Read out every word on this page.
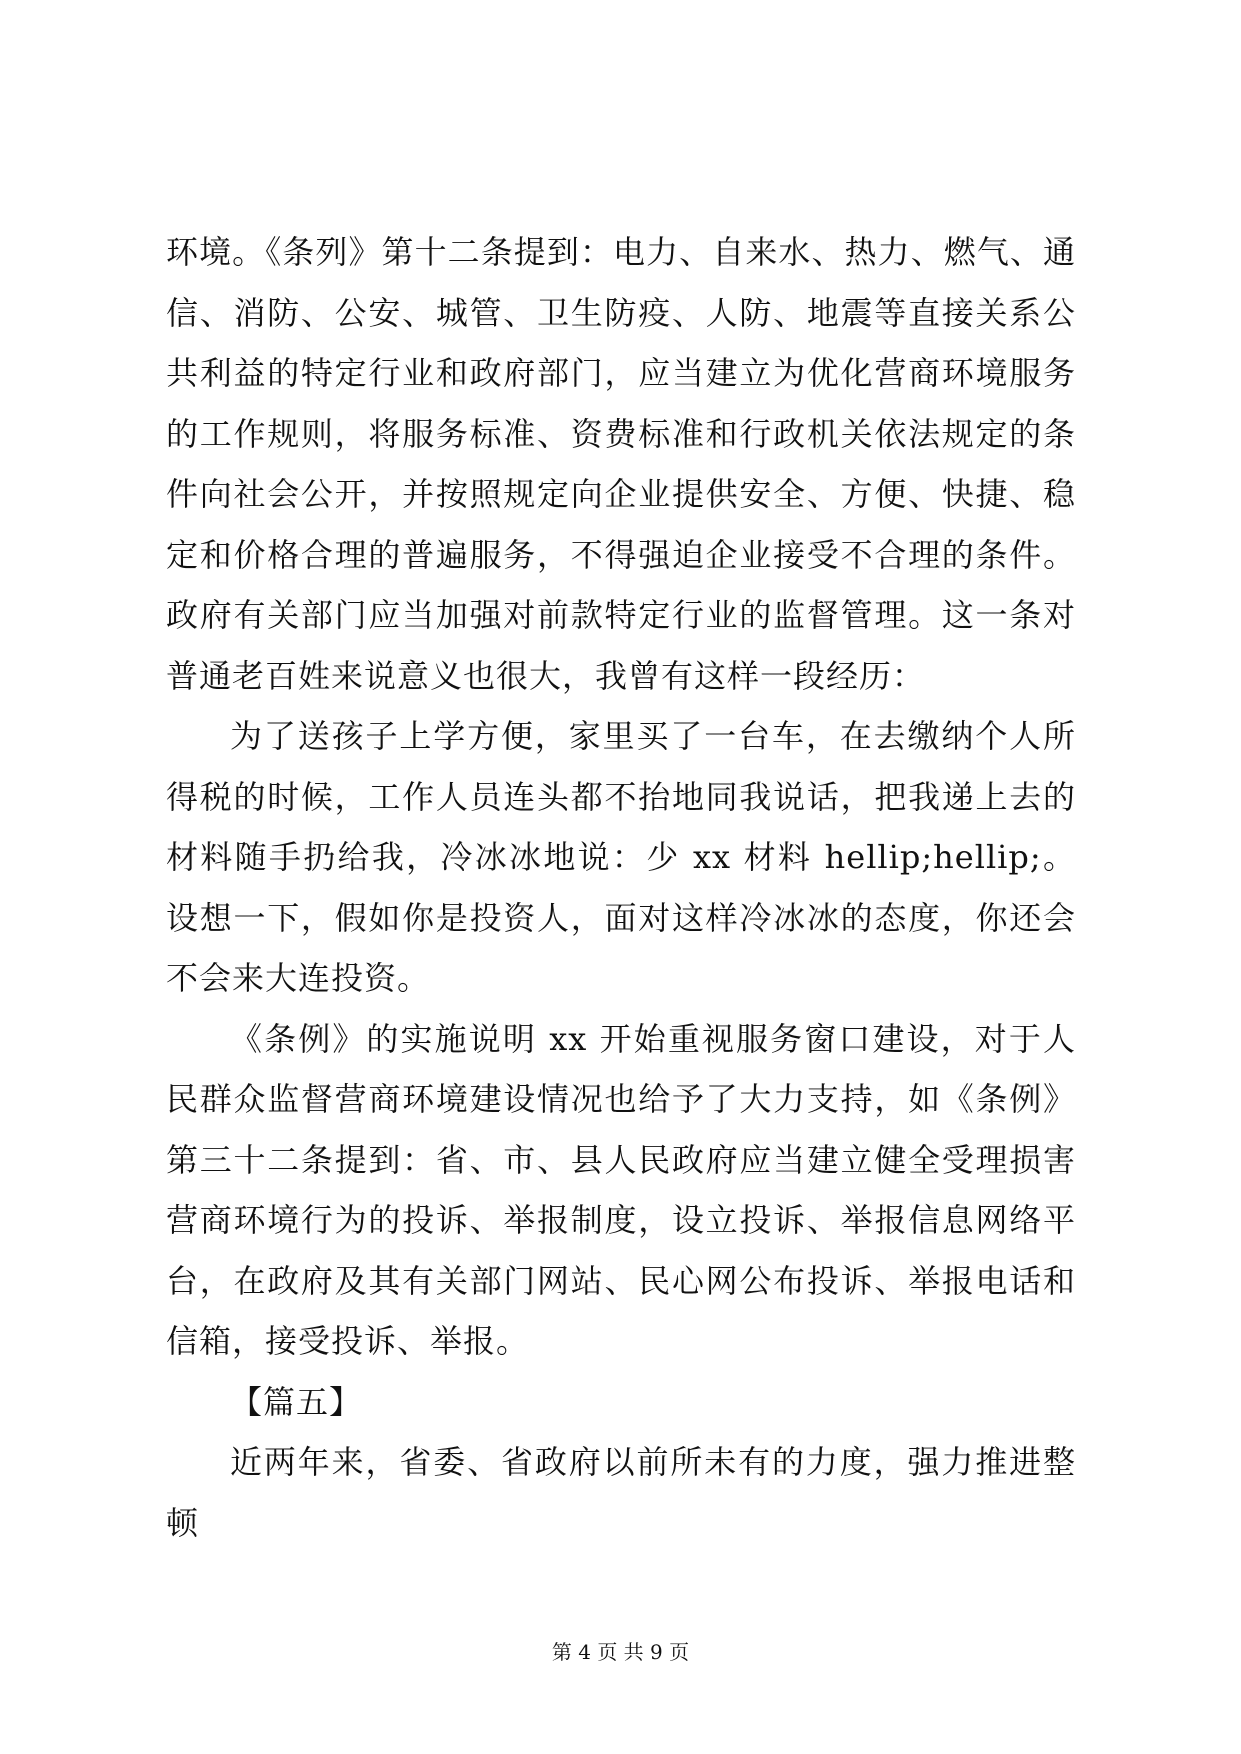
环境。《条列》第十二条提到：电力、自来水、热力、燃气、通信、消防、公安、城管、卫生防疫、人防、地震等直接关系公共利益的特定行业和政府部门，应当建立为优化营商环境服务的工作规则，将服务标准、资费标准和行政机关依法规定的条件向社会公开，并按照规定向企业提供安全、方便、快捷、稳定和价格合理的普遍服务，不得强迫企业接受不合理的条件。政府有关部门应当加强对前款特定行业的监督管理。这一条对普通老百姓来说意义也很大，我曾有这样一段经历：

为了送孩子上学方便，家里买了一台车，在去缴纳个人所得税的时候，工作人员连头都不抬地同我说话，把我递上去的材料随手扔给我，冷冰冰地说：少 xx 材料 hellip;hellip;。设想一下，假如你是投资人，面对这样冷冰冰的态度，你还会不会来大连投资。

《条例》的实施说明 xx 开始重视服务窗口建设，对于人民群众监督营商环境建设情况也给予了大力支持，如《条例》第三十二条提到：省、市、县人民政府应当建立健全受理损害营商环境行为的投诉、举报制度，设立投诉、举报信息网络平台，在政府及其有关部门网站、民心网公布投诉、举报电话和信箱，接受投诉、举报。

【篇五】

近两年来，省委、省政府以前所未有的力度，强力推进整顿

第 4 页 共 9 页
